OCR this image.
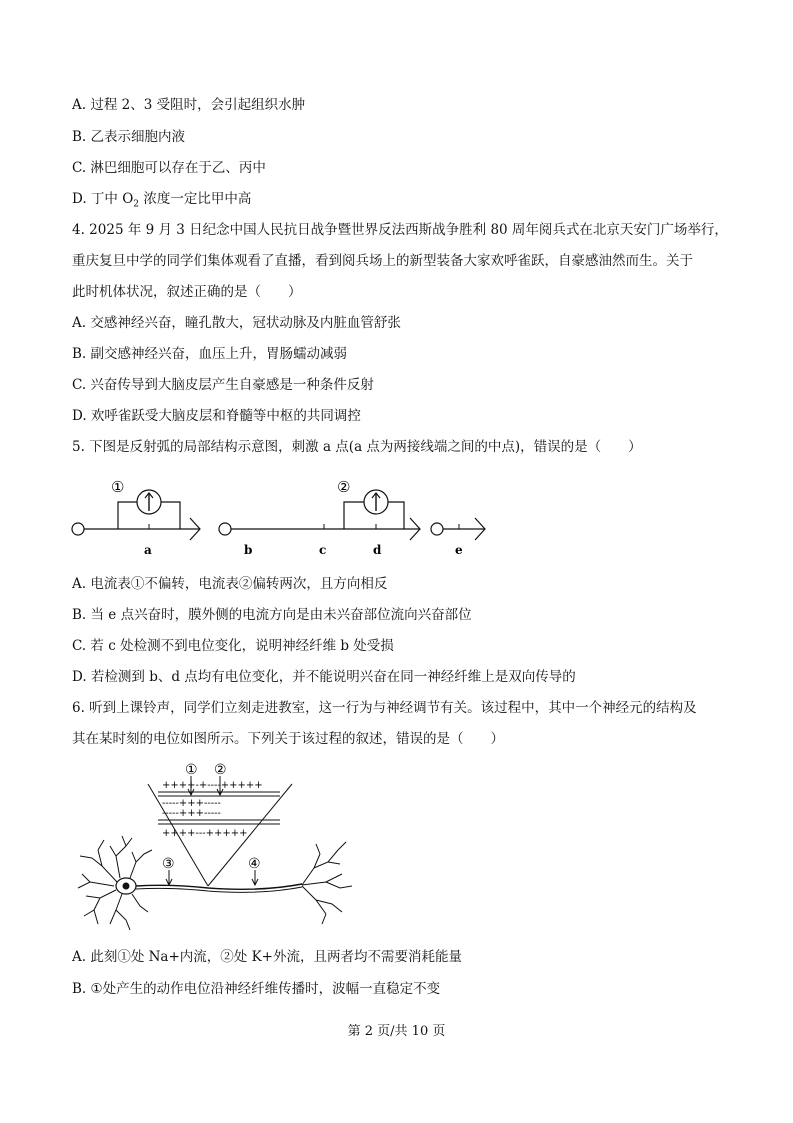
A. 过程 2、3 受阻时，会引起组织水肿
B. 乙表示细胞内液
C. 淋巴细胞可以存在于乙、丙中
D. 丁中 $O_2$ 浓度一定比甲中高
4. 2025 年 9 月 3 日纪念中国人民抗日战争暨世界反法西斯战争胜利 80 周年阅兵式在北京天安门广场举行，
重庆复旦中学的同学们集体观看了直播，看到阅兵场上的新型装备大家欢呼雀跃，自豪感油然而生。关于
此时机体状况，叙述正确的是（　　）
A. 交感神经兴奋，瞳孔散大，冠状动脉及内脏血管舒张
B. 副交感神经兴奋，血压上升，胃肠蠕动减弱
C. 兴奋传导到大脑皮层产生自豪感是一种条件反射
D. 欢呼雀跃受大脑皮层和脊髓等中枢的共同调控
5. 下图是反射弧的局部结构示意图，刺激 a 点(a 点为两接线端之间的中点)，错误的是（　　）
①
a
②
b	c	d	e
A. 电流表①不偏转，电流表②偏转两次，且方向相反
B. 当 e 点兴奋时，膜外侧的电流方向是由未兴奋部位流向兴奋部位
C. 若 c 处检测不到电位变化，说明神经纤维 b 处受损
D. 若检测到 b、d 点均有电位变化，并不能说明兴奋在同一神经纤维上是双向传导的
6. 听到上课铃声，同学们立刻走进教室，这一行为与神经调节有关。该过程中，其中一个神经元的结构及
其在某时刻的电位如图所示。下列关于该过程的叙述，错误的是（　　）
++++-+----+++++
-----+++-----
-----+++-----
++++---+++++
① ②
③	④
A. 此刻①处 Na+内流，②处 K+外流，且两者均不需要消耗能量
B. ①处产生的动作电位沿神经纤维传播时，波幅一直稳定不变
第 2 页/共 10 页
